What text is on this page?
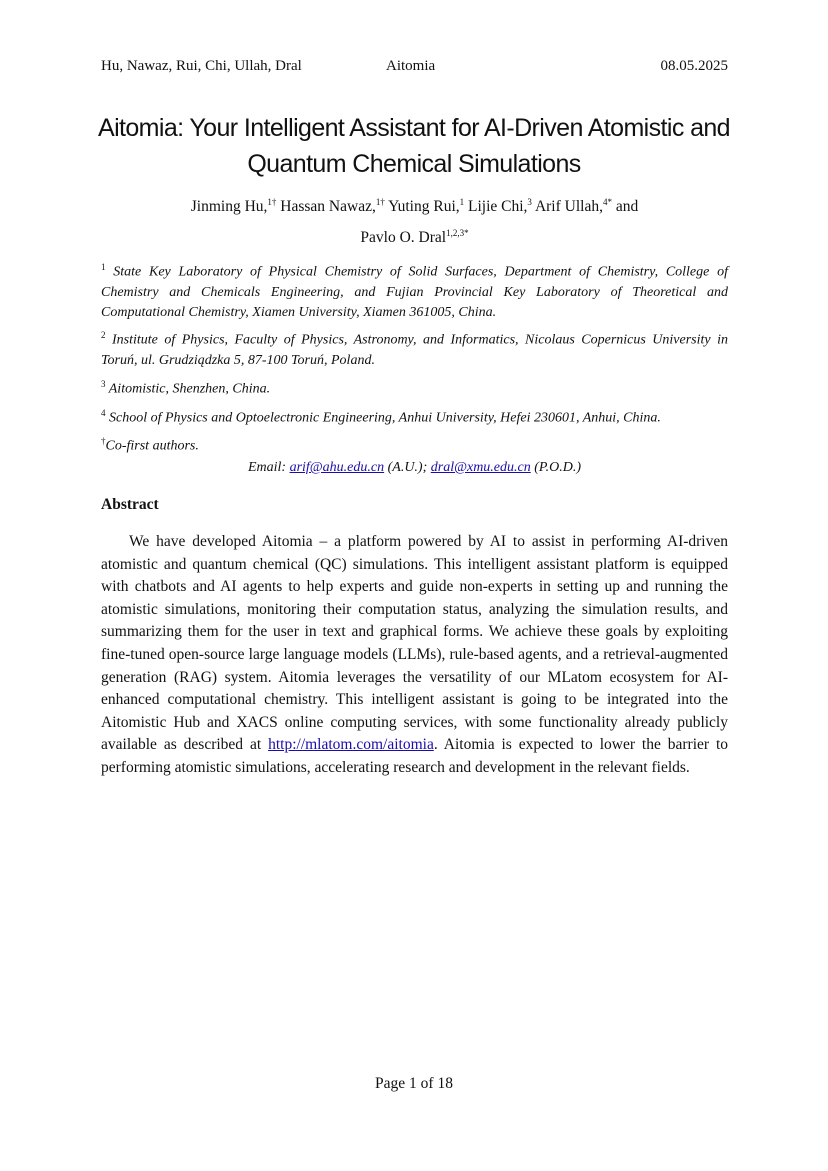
Hu, Nawaz, Rui, Chi, Ullah, Dral	Aitomia	08.05.2025
Aitomia: Your Intelligent Assistant for AI-Driven Atomistic and Quantum Chemical Simulations
Jinming Hu,$^{1\dagger}$ Hassan Nawaz,$^{1\dagger}$ Yuting Rui,$^1$ Lijie Chi,$^3$ Arif Ullah,$^{4*}$ and
Pavlo O. Dral$^{1,2,3*}$
$^1$ State Key Laboratory of Physical Chemistry of Solid Surfaces, Department of Chemistry, College of Chemistry and Chemicals Engineering, and Fujian Provincial Key Laboratory of Theoretical and Computational Chemistry, Xiamen University, Xiamen 361005, China.
$^2$ Institute of Physics, Faculty of Physics, Astronomy, and Informatics, Nicolaus Copernicus University in Toruń, ul. Grudziądzka 5, 87-100 Toruń, Poland.
$^3$ Aitomistic, Shenzhen, China.
$^4$ School of Physics and Optoelectronic Engineering, Anhui University, Hefei 230601, Anhui, China.
†Co-first authors.
Email: arif@ahu.edu.cn (A.U.); dral@xmu.edu.cn (P.O.D.)
Abstract

We have developed Aitomia – a platform powered by AI to assist in performing AI-driven atomistic and quantum chemical (QC) simulations. This intelligent assistant platform is equipped with chatbots and AI agents to help experts and guide non-experts in setting up and running the atomistic simulations, monitoring their computation status, analyzing the simulation results, and summarizing them for the user in text and graphical forms. We achieve these goals by exploiting fine-tuned open-source large language models (LLMs), rule-based agents, and a retrieval-augmented generation (RAG) system. Aitomia leverages the versatility of our MLatom ecosystem for AI-enhanced computational chemistry. This intelligent assistant is going to be integrated into the Aitomistic Hub and XACS online computing services, with some functionality already publicly available as described at http://mlatom.com/aitomia. Aitomia is expected to lower the barrier to performing atomistic simulations, accelerating research and development in the relevant fields.

Page 1 of 18
